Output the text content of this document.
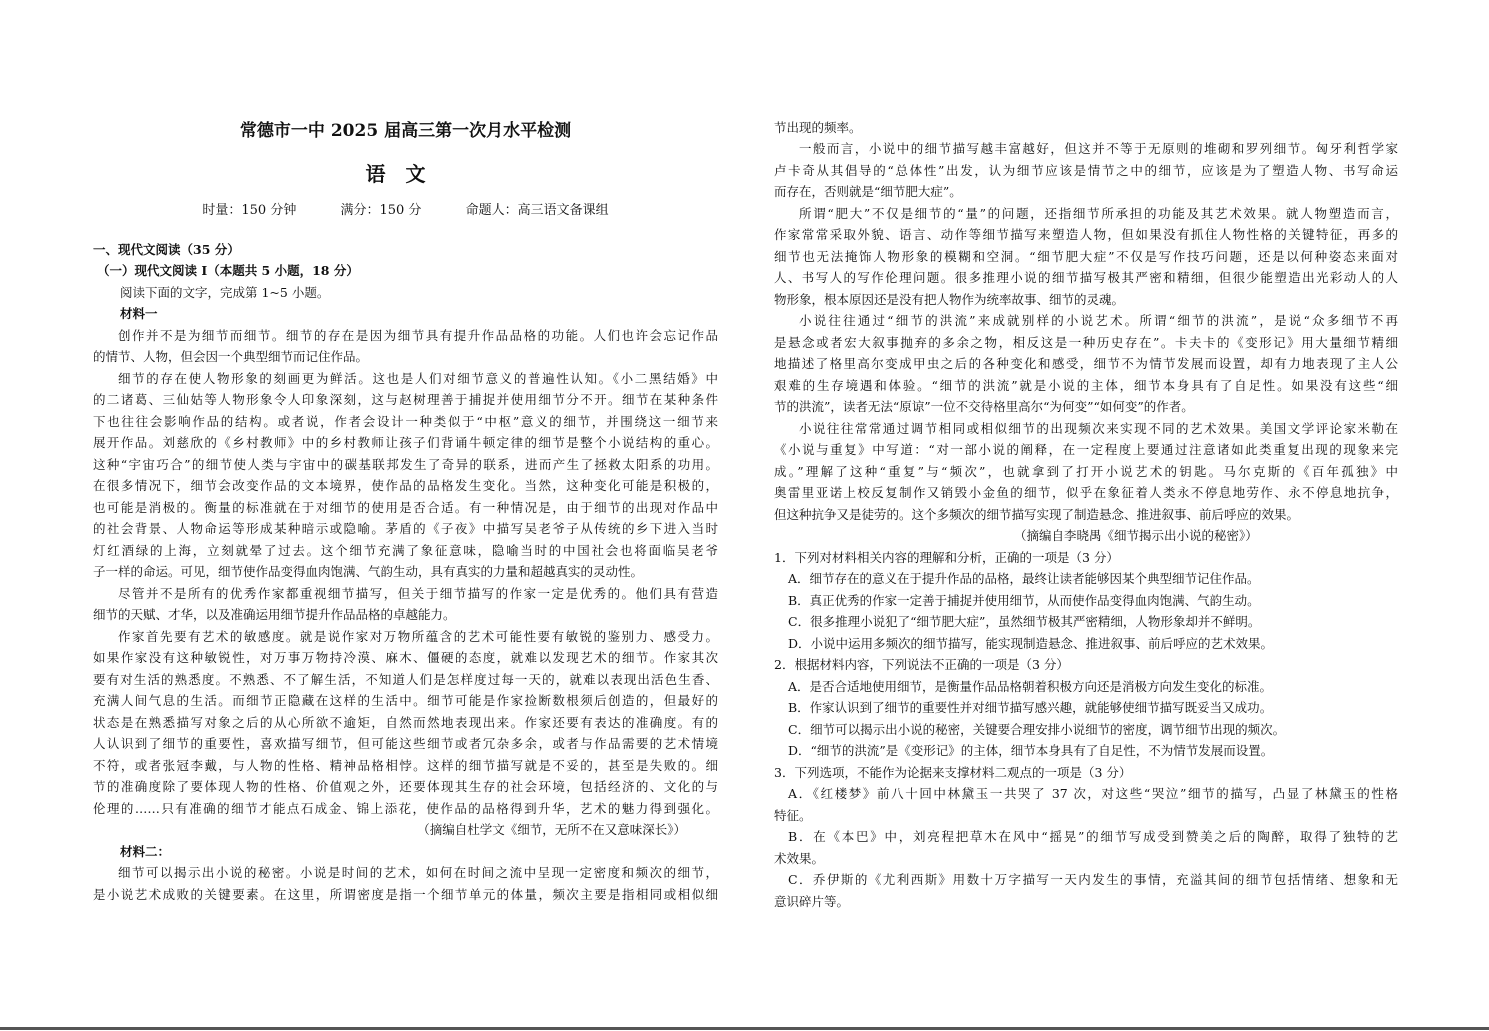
常德市一中 2025 届高三第一次月水平检测
语文
时量：150 分钟	满分：150 分	命题人：高三语文备课组
一、现代文阅读（35 分）
（一）现代文阅读 I（本题共 5 小题，18 分）
阅读下面的文字，完成第 1~5 小题。
材料一
创作并不是为细节而细节。细节的存在是因为细节具有提升作品品格的功能。人们也许会忘记作品
的情节、人物，但会因一个典型细节而记住作品。
细节的存在使人物形象的刻画更为鲜活。这也是人们对细节意义的普遍性认知。《小二黑结婚》中
的二诸葛、三仙姑等人物形象令人印象深刻，这与赵树理善于捕捉并使用细节分不开。细节在某种条件
下也往往会影响作品的结构。或者说，作者会设计一种类似于“中枢”意义的细节，并围绕这一细节来
展开作品。刘慈欣的《乡村教师》中的乡村教师让孩子们背诵牛顿定律的细节是整个小说结构的重心。
这种“宇宙巧合”的细节使人类与宇宙中的碳基联邦发生了奇异的联系，进而产生了拯救太阳系的功用。
在很多情况下，细节会改变作品的文本境界，使作品的品格发生变化。当然，这种变化可能是积极的，
也可能是消极的。衡量的标准就在于对细节的使用是否合适。有一种情况是，由于细节的出现对作品中
的社会背景、人物命运等形成某种暗示或隐喻。茅盾的《子夜》中描写吴老爷子从传统的乡下进入当时
灯红酒绿的上海，立刻就晕了过去。这个细节充满了象征意味，隐喻当时的中国社会也将面临吴老爷
子一样的命运。可见，细节使作品变得血肉饱满、气韵生动，具有真实的力量和超越真实的灵动性。
尽管并不是所有的优秀作家都重视细节描写，但关于细节描写的作家一定是优秀的。他们具有营造
细节的天赋、才华，以及准确运用细节提升作品品格的卓越能力。
作家首先要有艺术的敏感度。就是说作家对万物所蕴含的艺术可能性要有敏锐的鉴别力、感受力。
如果作家没有这种敏锐性，对万事万物持冷漠、麻木、僵硬的态度，就难以发现艺术的细节。作家其次
要有对生活的熟悉度。不熟悉、不了解生活，不知道人们是怎样度过每一天的，就难以表现出活色生香、
充满人间气息的生活。而细节正隐藏在这样的生活中。细节可能是作家捡断数根须后创造的，但最好的
状态是在熟悉描写对象之后的从心所欲不逾矩，自然而然地表现出来。作家还要有表达的准确度。有的
人认识到了细节的重要性，喜欢描写细节，但可能这些细节或者冗杂多余，或者与作品需要的艺术情境
不符，或者张冠李戴，与人物的性格、精神品格相悖。这样的细节描写就是不妥的，甚至是失败的。细
节的准确度除了要体现人物的性格、价值观之外，还要体现其生存的社会环境，包括经济的、文化的与
伦理的……只有准确的细节才能点石成金、锦上添花，使作品的品格得到升华，艺术的魅力得到强化。
（摘编自杜学文《细节，无所不在又意味深长》）
材料二：
细节可以揭示出小说的秘密。小说是时间的艺术，如何在时间之流中呈现一定密度和频次的细节，
是小说艺术成败的关键要素。在这里，所谓密度是指一个细节单元的体量，频次主要是指相同或相似细
节出现的频率。
一般而言，小说中的细节描写越丰富越好，但这并不等于无原则的堆砌和罗列细节。匈牙利哲学家
卢卡奇从其倡导的“总体性”出发，认为细节应该是情节之中的细节，应该是为了塑造人物、书写命运
而存在，否则就是“细节肥大症”。
所谓“肥大”不仅是细节的“量”的问题，还指细节所承担的功能及其艺术效果。就人物塑造而言，
作家常常采取外貌、语言、动作等细节描写来塑造人物，但如果没有抓住人物性格的关键特征，再多的
细节也无法掩饰人物形象的模糊和空洞。“细节肥大症”不仅是写作技巧问题，还是以何种姿态来面对
人、书写人的写作伦理问题。很多推理小说的细节描写极其严密和精细，但很少能塑造出光彩动人的人
物形象，根本原因还是没有把人物作为统率故事、细节的灵魂。
小说往往通过“细节的洪流”来成就别样的小说艺术。所谓“细节的洪流”，是说“众多细节不再
是悬念或者宏大叙事抛弃的多余之物，相反这是一种历史存在”。卡夫卡的《变形记》用大量细节精细
地描述了格里高尔变成甲虫之后的各种变化和感受，细节不为情节发展而设置，却有力地表现了主人公
艰难的生存境遇和体验。“细节的洪流”就是小说的主体，细节本身具有了自足性。如果没有这些“细
节的洪流”，读者无法“原谅”一位不交待格里高尔“为何变”“如何变”的作者。
小说往往常常通过调节相同或相似细节的出现频次来实现不同的艺术效果。美国文学评论家米勒在
《小说与重复》中写道：“对一部小说的阐释，在一定程度上要通过注意诸如此类重复出现的现象来完
成。”理解了这种“重复”与“频次”，也就拿到了打开小说艺术的钥匙。马尔克斯的《百年孤独》中
奥雷里亚诺上校反复制作又销毁小金鱼的细节，似乎在象征着人类永不停息地劳作、永不停息地抗争，
但这种抗争又是徒劳的。这个多频次的细节描写实现了制造悬念、推进叙事、前后呼应的效果。
（摘编自李晓禺《细节揭示出小说的秘密》）
1．下列对材料相关内容的理解和分析，正确的一项是（3 分）
A．细节存在的意义在于提升作品的品格，最终让读者能够因某个典型细节记住作品。
B．真正优秀的作家一定善于捕捉并使用细节，从而使作品变得血肉饱满、气韵生动。
C．很多推理小说犯了“细节肥大症”，虽然细节极其严密精细，人物形象却并不鲜明。
D．小说中运用多频次的细节描写，能实现制造悬念、推进叙事、前后呼应的艺术效果。
2．根据材料内容，下列说法不正确的一项是（3 分）
A．是否合适地使用细节，是衡量作品品格朝着积极方向还是消极方向发生变化的标准。
B．作家认识到了细节的重要性并对细节描写感兴趣，就能够使细节描写既妥当又成功。
C．细节可以揭示出小说的秘密，关键要合理安排小说细节的密度，调节细节出现的频次。
D．“细节的洪流”是《变形记》的主体，细节本身具有了自足性，不为情节发展而设置。
3．下列选项，不能作为论据来支撑材料二观点的一项是（3 分）
A．《红楼梦》前八十回中林黛玉一共哭了 37 次，对这些“哭泣”细节的描写，凸显了林黛玉的性格
特征。
B．在《本巴》中，刘亮程把草木在风中“摇晃”的细节写成受到赞美之后的陶醉，取得了独特的艺
术效果。
C．乔伊斯的《尤利西斯》用数十万字描写一天内发生的事情，充溢其间的细节包括情绪、想象和无
意识碎片等。
